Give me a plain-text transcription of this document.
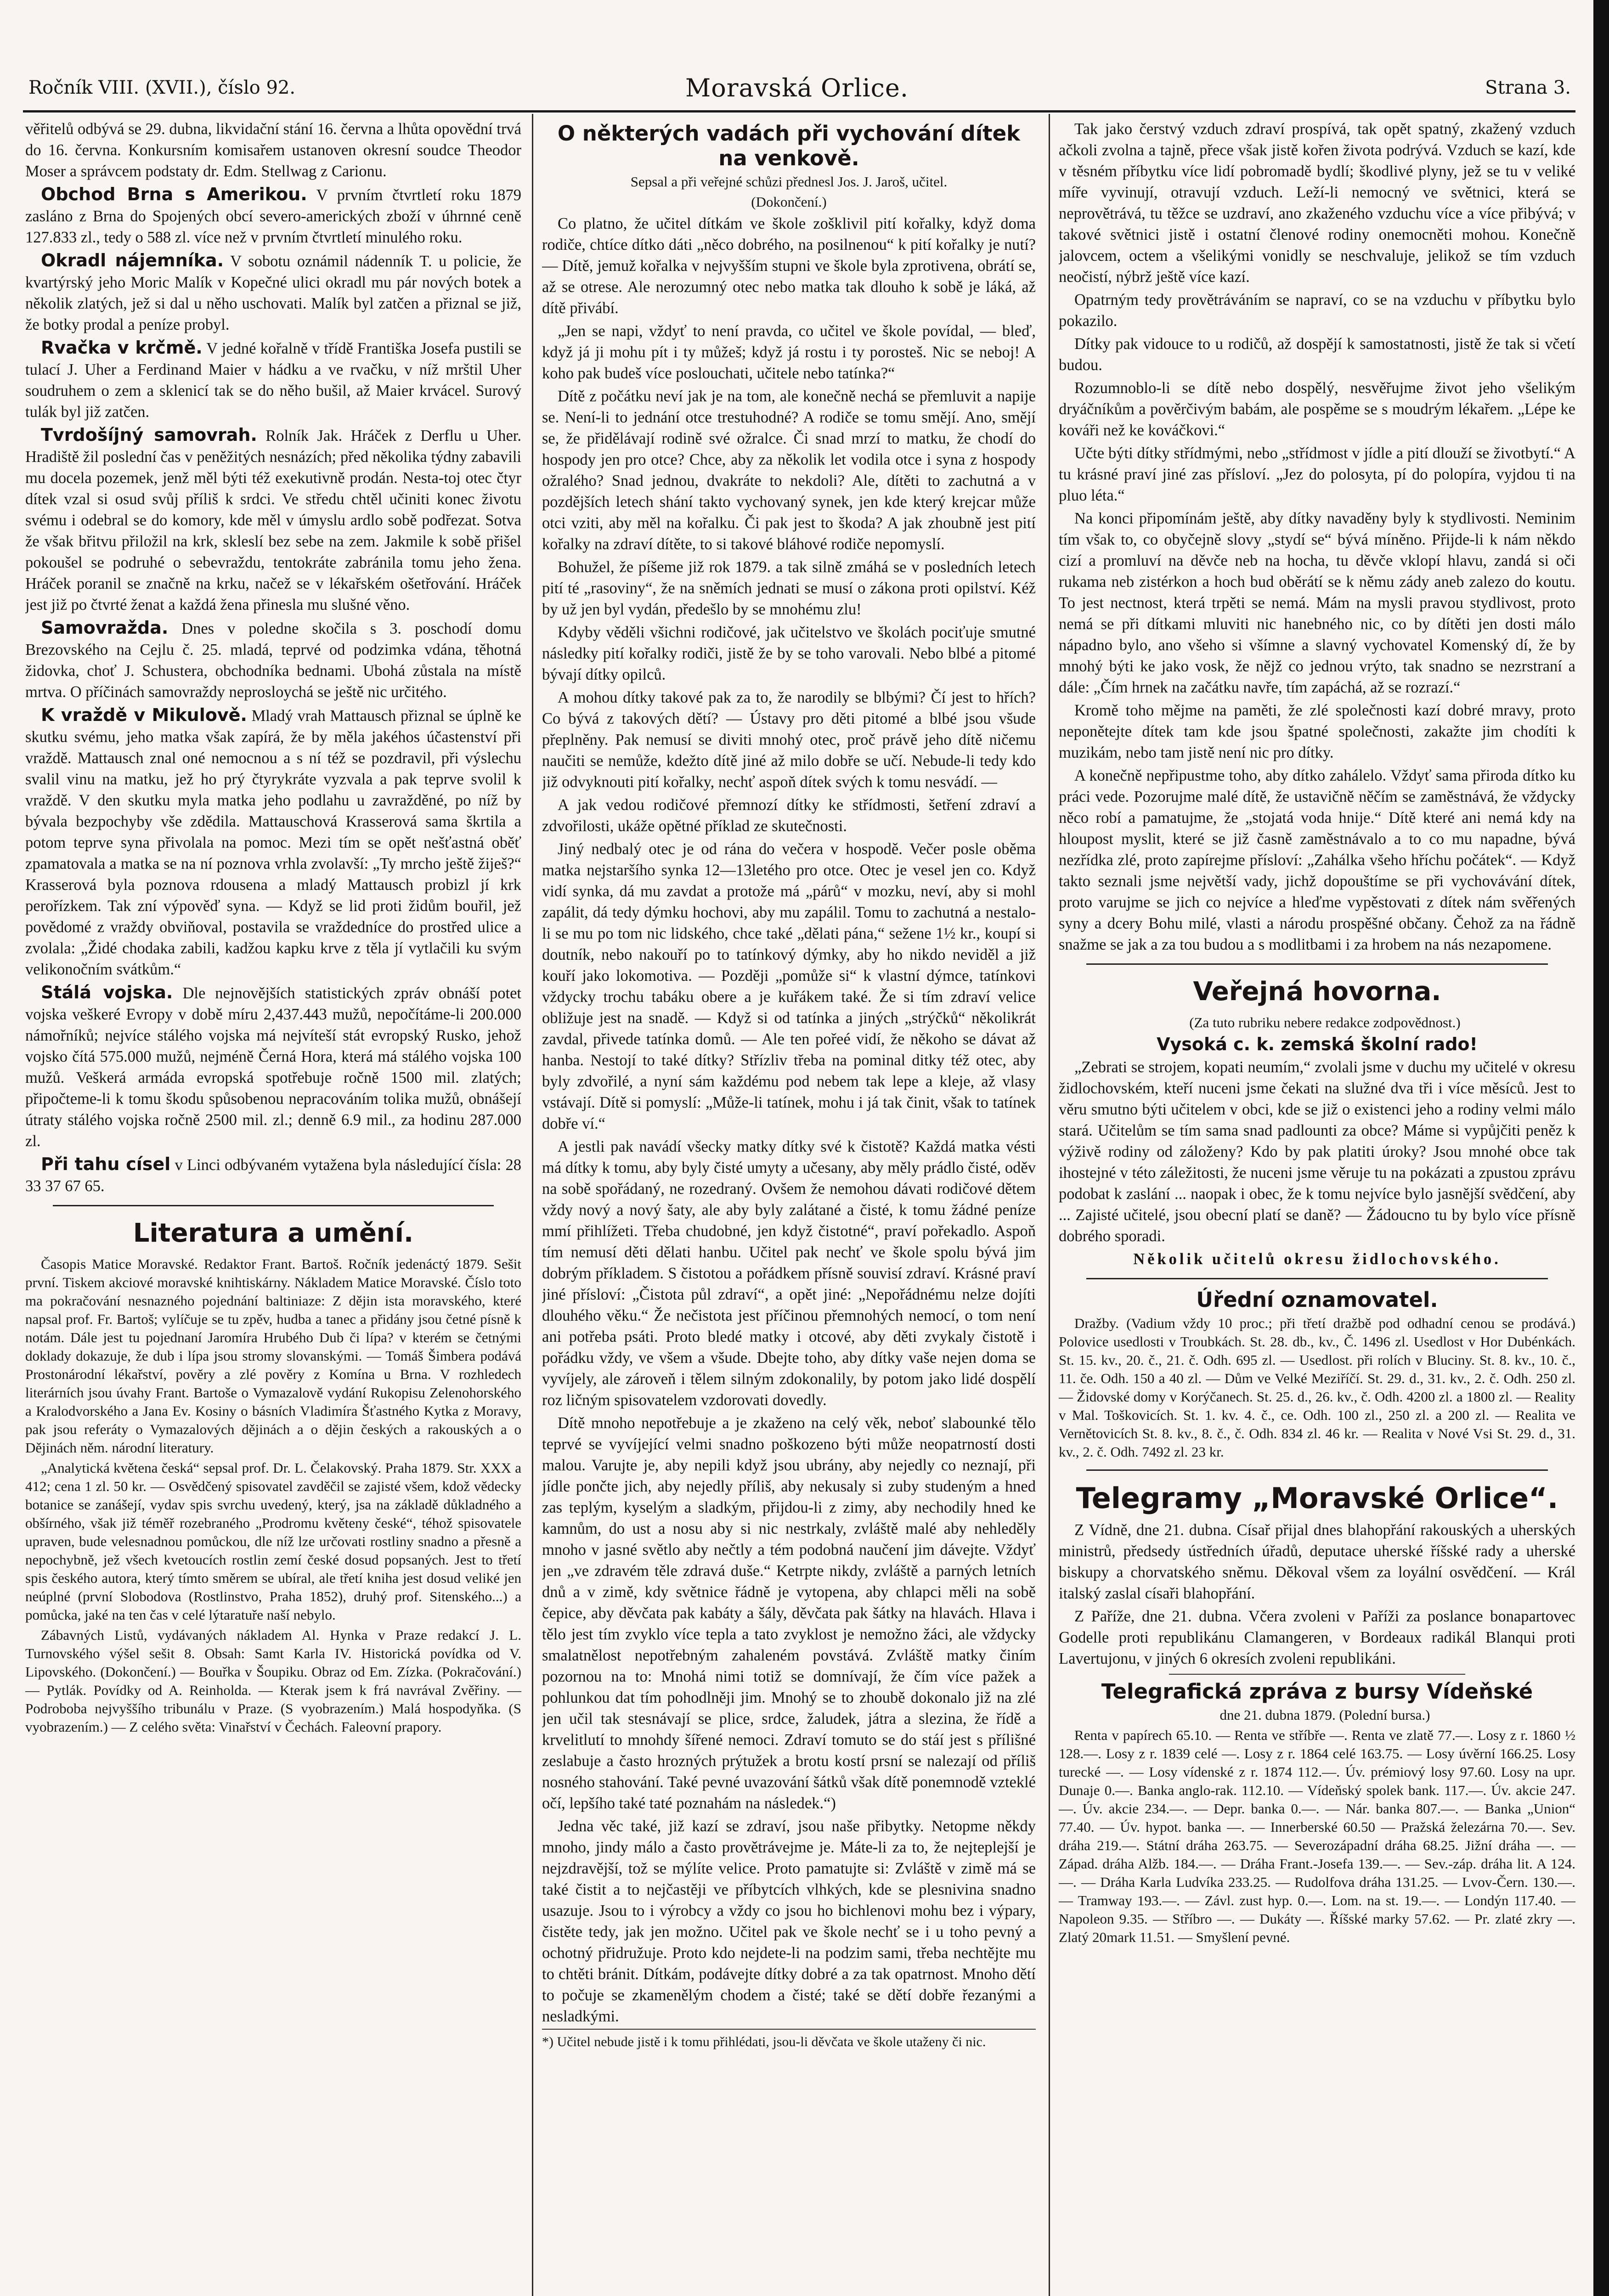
Ročník VIII. (XVII.), číslo 92.	Moravská Orlice.	Strana 3.

věřitelů odbývá se 29. dubna, likvidační stání 16. června a lhůta opovědní trvá do 16. června. Konkursním komisařem ustanoven okresní soudce Theodor Moser a správcem podstaty dr. Edm. Stellwag z Carionu.

Obchod Brna s Amerikou. V prvním čtvrtletí roku 1879 zasláno z Brna do Spojených obcí severo-amerických zboží v úhrnné ceně 127.833 zl., tedy o 588 zl. více než v prvním čtvrtletí minulého roku.

Okradl nájemníka. V sobotu oznámil nádenník T. u policie, že kvartýrský jeho Moric Malík v Kopečné ulici okradl mu pár nových botek a několik zlatých, jež si dal u něho uschovati. Malík byl zatčen a přiznal se již, že botky prodal a peníze probyl.

Rvačka v krčmě. V jedné kořalně v třídě Františka Josefa pustili se tulací J. Uher a Ferdinand Maier v hádku a ve rvačku, v níž mrštil Uher soudruhem o zem a sklenicí tak se do něho bušil, až Maier krvácel. Surový tulák byl již zatčen.

Tvrdošíjný samovrah. Rolník Jak. Hráček z Derflu u Uher. Hradiště žil poslední čas v peněžitých nesnázích; před několika týdny zabavili mu docela pozemek, jenž měl býti též exekutivně prodán. Nesta-toj otec čtyr dítek vzal si osud svůj příliš k srdci. Ve středu chtěl učiniti konec životu svému i odebral se do komory, kde měl v úmyslu ardlo sobě podřezat. Sotva že však břitvu přiložil na krk, skleslí bez sebe na zem. Jakmile k sobě přišel pokoušel se podruhé o sebevraždu, tentokráte zabránila tomu jeho žena. Hráček poranil se značně na krku, načež se v lékařském ošetřování. Hráček jest již po čtvrté ženat a každá žena přinesla mu slušné věno.

Samovražda. Dnes v poledne skočila s 3. poschodí domu Brezovského na Cejlu č. 25. mladá, teprvé od podzimka vdána, těhotná židovka, choť J. Schustera, obchodníka bednami. Ubohá zůstala na místě mrtva. O příčinách samovraždy neprosloychá se ještě nic určitého.

K vraždě v Mikulově. Mladý vrah Mattausch přiznal se úplně ke skutku svému, jeho matka však zapírá, že by měla jakéhos účastenství při vraždě. Mattausch znal oné nemocnou a s ní též se pozdravil, při výslechu svalil vinu na matku, jež ho prý čtyrykráte vyzvala a pak teprve svolil k vraždě. V den skutku myla matka jeho podlahu u zavražděné, po níž by bývala bezpochyby vše zdědila. Mattauschová Krasserová sama škrtila a potom teprve syna přivolala na pomoc. Mezi tím se opět nešťastná oběť zpamatovala a matka se na ní poznova vrhla zvolavší: „Ty mrcho ještě žiješ?“ Krasserová byla poznova rdousena a mladý Mattausch probizl jí krk perořízkem. Tak zní výpověď syna. — Když se lid proti židům bouřil, jež povědomé z vraždy obviňoval, postavila se vraždedníce do prostřed ulice a zvolala: „Židé chodaka zabili, kadžou kapku krve z těla jí vytlačili ku svým velikonočním svátkům.“

Stálá vojska. Dle nejnovějších statistických zpráv obnáší potet vojska veškeré Evropy v době míru 2,437.443 mužů, nepočítáme-li 200.000 námořníků; nejvíce stálého vojska má nejvíteší stát evropský Rusko, jehož vojsko čítá 575.000 mužů, nejméně Černá Hora, která má stálého vojska 100 mužů. Veškerá armáda evropská spotřebuje ročně 1500 mil. zlatých; připočteme-li k tomu škodu spůsobenou nepracováním tolika mužů, obnášejí útraty stálého vojska ročně 2500 mil. zl.; denně 6.9 mil., za hodinu 287.000 zl.

Při tahu císel v Linci odbývaném vytažena byla následující čísla: 28 33 37 67 65.

Literatura a umění.

Časopis Matice Moravské. Redaktor Frant. Bartoš. Ročník jedenáctý 1879. Sešit první. Tiskem akciové moravské knihtiskárny. Nákladem Matice Moravské. Číslo toto ma pokračování nesnazného pojednání baltiniaze: Z dějin ista moravského, které napsal prof. Fr. Bartoš; vylíčuje se tu zpěv, hudba a tanec a přidány jsou četné písně k notám. Dále jest tu pojednaní Jaromíra Hrubého Dub či lípa? v kterém se četnými doklady dokazuje, že dub i lípa jsou stromy slovanskými. — Tomáš Šimbera podává Prostonárodní lékařství, pověry a zlé pověry z Komína u Brna. V rozhledech literárních jsou úvahy Frant. Bartoše o Vymazalově vydání Rukopisu Zelenohorského a Kralodvorského a Jana Ev. Kosiny o básních Vladimíra Šťastného Kytka z Moravy, pak jsou referáty o Vymazalových dějinách a o dějin českých a rakouských a o Dějinách něm. národní literatury.

„Analytická květena česká“ sepsal prof. Dr. L. Čelakovský. Praha 1879. Str. XXX a 412; cena 1 zl. 50 kr. — Osvědčený spisovatel zavděčil se zajisté všem, kdož vědecky botanice se zanášejí, vydav spis svrchu uvedený, který, jsa na základě důkladného a obšírného, však již téměř rozebraného „Prodromu květeny české“, téhož spisovatele upraven, bude velesnadnou pomůckou, dle níž lze určovati rostliny snadno a přesně a nepochybně, jež všech kvetoucích rostlin zemí české dosud popsaných. Jest to třetí spis českého autora, který tímto směrem se ubíral, ale třetí kniha jest dosud veliké jen neúplné (první Slobodova (Rostlinstvo, Praha 1852), druhý prof. Sitenského...) a pomůcka, jaké na ten čas v celé lýtaratuře naší nebylo.

Zábavných Listů, vydávaných nákladem Al. Hynka v Praze redakcí J. L. Turnovského výšel sešit 8. Obsah: Samt Karla IV. Historická povídka od V. Lipovského. (Dokončení.) — Bouřka v Šoupiku. Obraz od Em. Zízka. (Pokračování.) — Pytlák. Povídky od A. Reinholda. — Kterak jsem k frá navrával Zvěřiny. — Podroboba nejvyššího tribunálu v Praze. (S vyobrazením.) Malá hospodyňka. (S vyobrazením.) — Z celého světa: Vinařství v Čechách. Faleovní prapory.

O některých vadách při vychování dítek na venkově.

Sepsal a při veřejné schůzi přednesl Jos. J. Jaroš, učitel.

(Dokončení.)

Co platno, že učitel dítkám ve škole zošklivil pití kořalky, když doma rodiče, chtíce dítko dáti „něco dobrého, na posilnenou“ k pití kořalky je nutí? — Dítě, jemuž kořalka v nejvyšším stupni ve škole byla zprotivena, obrátí se, až se otrese. Ale nerozumný otec nebo matka tak dlouho k sobě je láká, až dítě přivábí.

„Jen se napi, vždyť to není pravda, co učitel ve škole povídal, — bleď, když já ji mohu pít i ty můžeš; když já rostu i ty porosteš. Nic se neboj! A koho pak budeš více poslouchati, učitele nebo tatínka?“

Dítě z počátku neví jak je na tom, ale konečně nechá se přemluvit a napije se. Není-li to jednání otce trestuhodné? A rodiče se tomu smějí. Ano, smějí se, že přidělávají rodině své ožralce. Či snad mrzí to matku, že chodí do hospody jen pro otce? Chce, aby za několik let vodila otce i syna z hospody ožralého? Snad jednou, dvakráte to nekdoli? Ale, dítěti to zachutná a v pozdějších letech shání takto vychovaný synek, jen kde který krejcar může otci vziti, aby měl na kořalku. Či pak jest to škoda? A jak zhoubně jest pití kořalky na zdraví dítěte, to si takové bláhové rodiče nepomyslí.

Bohužel, že píšeme již rok 1879. a tak silně zmáhá se v posledních letech pití té „rasoviny“, že na sněmích jednati se musí o zákona proti opilství. Kéž by už jen byl vydán, předešlo by se mnohému zlu!

Kdyby věděli všichni rodičové, jak učitelstvo ve školách pociťuje smutné následky pití kořalky rodiči, jistě že by se toho varovali. Nebo blbé a pitomé bývají dítky opilců.

A mohou dítky takové pak za to, že narodily se blbými? Čí jest to hřích? Co bývá z takových dětí? — Ústavy pro děti pitomé a blbé jsou všude přeplněny. Pak nemusí se diviti mnohý otec, proč právě jeho dítě ničemu naučiti se nemůže, kdežto dítě jiné až milo dobře se učí. Nebude-li tedy kdo již odvyknouti pití kořalky, nechť aspoň dítek svých k tomu nesvádí. —

A jak vedou rodičové přemnozí dítky ke střídmosti, šetření zdraví a zdvořilosti, ukáže opětné příklad ze skutečnosti.

Jiný nedbalý otec je od rána do večera v hospodě. Večer posle oběma matka nejstaršího synka 12—13letého pro otce. Otec je vesel jen co. Když vidí synka, dá mu zavdat a protože má „párů“ v mozku, neví, aby si mohl zapálit, dá tedy dýmku hochovi, aby mu zapálil. Tomu to zachutná a nestalo-li se mu po tom nic lidského, chce také „dělati pána,“ sežene 1½ kr., koupí si doutník, nebo nakouří po to tatínkový dýmky, aby ho nikdo neviděl a již kouří jako lokomotiva. — Později „pomůže si“ k vlastní dýmce, tatínkovi vždycky trochu tabáku obere a je kuřákem také. Že si tím zdraví velice obližuje jest na snadě. — Když si od tatínka a jiných „strýčků“ několikrát zavdal, přivede tatínka domů. — Ale ten pořeé vidí, že někoho se dávat až hanba. Nestojí to také dítky? Střízliv třeba na pominal ditky též otec, aby byly zdvořilé, a nyní sám každému pod nebem tak lepe a kleje, až vlasy vstávají. Dítě si pomyslí: „Může-li tatínek, mohu i já tak činit, však to tatínek dobře ví.“

A jestli pak navádí všecky matky dítky své k čistotě? Každá matka vésti má dítky k tomu, aby byly čisté umyty a učesany, aby měly prádlo čisté, oděv na sobě spořádaný, ne rozedraný. Ovšem že nemohou dávati rodičové dětem vždy nový a nový šaty, ale aby byly zalátané a čisté, k tomu žádné peníze mmí přihlížeti. Třeba chudobné, jen když čistotné“, praví pořekadlo. Aspoň tím nemusí děti dělati hanbu. Učitel pak nechť ve škole spolu bývá jim dobrým příkladem. S čistotou a pořádkem přísně souvisí zdraví. Krásné praví jiné přísloví: „Čistota půl zdraví“, a opět jiné: „Nepořádnému nelze dojíti dlouhého věku.“ Že nečistota jest příčinou přemnohých nemocí, o tom není ani potřeba psáti. Proto bledé matky i otcové, aby děti zvykaly čistotě i pořádku vždy, ve všem a všude. Dbejte toho, aby dítky vaše nejen doma se vyvíjely, ale zároveň i tělem silným zdokonalily, by potom jako lidé dospělí roz ličným spisovatelem vzdorovati dovedly.

Dítě mnoho nepotřebuje a je zkaženo na celý věk, neboť slabounké tělo teprvé se vyvíjející velmi snadno poškozeno býti může neopatrností dosti malou. Varujte je, aby nepili když jsou ubrány, aby nejedly co neznají, při jídle pončte jich, aby nejedly příliš, aby nekusaly si zuby studeným a hned zas teplým, kyselým a sladkým, přijdou-li z zimy, aby nechodily hned ke kamnům, do ust a nosu aby si nic nestrkaly, zvláště malé aby nehleděly mnoho v jasné světlo aby nečtly a tém podobná naučení jim dávejte. Vždyť jen „ve zdravém těle zdravá duše.“ Ketrpte nikdy, zvláště a parných letních dnů a v zimě, kdy světnice řádně je vytopena, aby chlapci měli na sobě čepice, aby děvčata pak kabáty a šály, děvčata pak šátky na hlavách. Hlava i tělo jest tím zvyklo více tepla a tato zvyklost je nemožno žáci, ale vždycky smalatnělost nepotřebným zahaleném povstává. Zvláště matky činím pozornou na to: Mnohá nimi totiž se domnívají, že čím více pažek a pohlunkou dat tím pohodlněji jim. Mnohý se to zhoubě dokonalo již na zlé jen učil tak stesnávají se plice, srdce, žaludek, játra a slezina, že řídě a krvelitlutí to mnohdy šířené nemoci. Zdraví tomuto se do stáí jest s přílišné zeslabuje a často hrozných prýtužek a brotu kostí prsní se nalezají od příliš nosného stahování. Také pevné uvazování šátků však dítě ponemnodě vzteklé očí, lepšího také taté poznahám na následek.“)

Jedna věc také, již kazí se zdraví, jsou naše přibytky. Netopme někdy mnoho, jindy málo a často provětrávejme je. Máte-li za to, že nejteplejší je nejzdravější, tož se mýlíte velice. Proto pamatujte si: Zvláště v zimě má se také čistit a to nejčastěji ve příbytcích vlhkých, kde se plesnivina snadno usazuje. Jsou to i výrobcy a vždy co jsou ho bichlenovi mohu bez i výpary, čistěte tedy, jak jen možno. Učitel pak ve škole nechť se i u toho pevný a ochotný přidružuje. Proto kdo nejdete-li na podzim sami, třeba nechtějte mu to chtěti bránit. Dítkám, podávejte dítky dobré a za tak opatrnost. Mnoho dětí to počuje se zkamenělým chodem a čisté; také se dětí dobře řezanými a nesladkými.

*) Učitel nebude jistě i k tomu přihlédati, jsou-li děvčata ve škole utaženy či nic.

Tak jako čerstvý vzduch zdraví prospívá, tak opět spatný, zkažený vzduch ačkoli zvolna a tajně, přece však jistě kořen života podrývá. Vzduch se kazí, kde v těsném příbytku více lidí pobromadě bydlí; škodlivé plyny, jež se tu v veliké míře vyvinují, otravují vzduch. Leží-li nemocný ve světnici, která se neprovětrává, tu těžce se uzdraví, ano zkaženého vzduchu více a více přibývá; v takové světnici jistě i ostatní členové rodiny onemocněti mohou. Konečně jalovcem, octem a všelikými vonidly se neschvaluje, jelikož se tím vzduch neočistí, nýbrž ještě více kazí.

Opatrným tedy provětráváním se napraví, co se na vzduchu v příbytku bylo pokazilo.

Dítky pak vidouce to u rodičů, až dospějí k samostatnosti, jistě že tak si včetí budou.

Rozumnoblo-li se dítě nebo dospělý, nesvěřujme život jeho všelikým dryáčníkům a pověrčivým babám, ale pospěme se s moudrým lékařem. „Lépe ke kováři než ke kováčkovi.“

Učte býti dítky střídmými, nebo „střídmost v jídle a pití dlouží se životbytí.“ A tu krásné praví jiné zas přísloví. „Jez do polosyta, pí do polopíra, vyjdou ti na pluo léta.“

Na konci připomínám ještě, aby dítky navaděny byly k stydlivosti. Neminim tím však to, co obyčejně slovy „stydí se“ bývá míněno. Přijde-li k nám někdo cizí a promluví na děvče neb na hocha, tu děvče vklopí hlavu, zandá si oči rukama neb zistérkon a hoch bud oběrátí se k němu zády aneb zalezo do koutu. To jest nectnost, která trpěti se nemá. Mám na mysli pravou stydlivost, proto nemá se při dítkami mluviti nic hanebného nic, co by dítěti jen dosti málo nápadno bylo, ano všeho si všímne a slavný vychovatel Komenský dí, že by mnohý býti ke jako vosk, že nějž co jednou vrýto, tak snadno se nezrstraní a dále: „Čím hrnek na začátku navře, tím zapáchá, až se rozrazí.“

Kromě toho mějme na paměti, že zlé společnosti kazí dobré mravy, proto neponětejte dítek tam kde jsou špatné společnosti, zakažte jim chodíti k muzikám, nebo tam jistě není nic pro dítky.

A konečně nepřipustme toho, aby dítko zahálelo. Vždyť sama přiroda dítko ku práci vede. Pozorujme malé dítě, že ustavičně něčím se zaměstnává, že vždycky něco robí a pamatujme, že „stojatá voda hnije.“ Dítě které ani nemá kdy na hloupost myslit, které se již časně zaměstnávalo a to co mu napadne, bývá nezřídka zlé, proto zapírejme přísloví: „Zahálka všeho hříchu počátek“. — Když takto seznali jsme největší vady, jichž dopouštíme se při vychovávání dítek, proto varujme se jich co nejvíce a hleďme vypěstovati z dítek nám svěřených syny a dcery Bohu milé, vlasti a národu prospěšné občany. Čehož za na řádně snažme se jak a za tou budou a s modlitbami i za hrobem na nás nezapomene.

Veřejná hovorna.

(Za tuto rubriku nebere redakce zodpovědnost.)

Vysoká c. k. zemská školní rado!

„Zebrati se strojem, kopati neumím,“ zvolali jsme v duchu my učitelé v okresu židlochovském, kteří nuceni jsme čekati na služné dva tři i více měsíců. Jest to věru smutno býti učitelem v obci, kde se již o existenci jeho a rodiny velmi málo stará. Učitelům se tím sama snad padlounti za obce? Máme si vypůjčiti peněz k výživě rodiny od záloženy? Kdo by pak platiti úroky? Jsou mnohé obce tak ihostejné v této záležitosti, že nuceni jsme věruje tu na pokázati a zpustou zprávu podobat k zaslání ... naopak i obec, že k tomu nejvíce bylo jasnější svědčení, aby ... Zajisté učitelé, jsou obecní platí se daně? — Žádoucno tu by bylo více přísně dobrého sporadi.

Několik učitelů okresu židlochovského.

Úřední oznamovatel.

Dražby. (Vadium vždy 10 proc.; při třetí dražbě pod odhadní cenou se prodává.) Polovice usedlosti v Troubkách. St. 28. db., kv., Č. 1496 zl. Usedlost v Hor Dubénkách. St. 15. kv., 20. č., 21. č. Odh. 695 zl. — Usedlost. při rolích v Bluciny. St. 8. kv., 10. č., 11. če. Odh. 150 a 40 zl. — Dům ve Velké Meziříčí. St. 29. d., 31. kv., 2. č. Odh. 250 zl. — Židovské domy v Korýčanech. St. 25. d., 26. kv., č. Odh. 4200 zl. a 1800 zl. — Reality v Mal. Toškovicích. St. 1. kv. 4. č., ce. Odh. 100 zl., 250 zl. a 200 zl. — Realita ve Vernětovicích St. 8. kv., 8. č., č. Odh. 834 zl. 46 kr. — Realita v Nové Vsi St. 29. d., 31. kv., 2. č. Odh. 7492 zl. 23 kr.

Telegramy „Moravské Orlice“.

Z Vídně, dne 21. dubna. Císař přijal dnes blahopřání rakouských a uherských ministrů, předsedy ústředních úřadů, deputace uherské říšské rady a uherské biskupy a chorvatského sněmu. Děkoval všem za loyální osvědčení. — Král italský zaslal císaři blahopřání.

Z Paříže, dne 21. dubna. Včera zvoleni v Paříži za poslance bonapartovec Godelle proti republikánu Clamangeren, v Bordeaux radikál Blanqui proti Lavertujonu, v jiných 6 okresích zvoleni republikáni.

Telegrafická zpráva z bursy Vídeňské

dne 21. dubna 1879. (Polední bursa.)

Renta v papírech 65.10. — Renta ve stříbře —. Renta ve zlatě 77.—. Losy z r. 1860 ½ 128.—. Losy z r. 1839 celé —. Losy z r. 1864 celé 163.75. — Losy úvěrní 166.25. Losy turecké —. — Losy vídenské z r. 1874 112.—. Úv. prémiový losy 97.60. Losy na upr. Dunaje 0.—. Banka anglo-rak. 112.10. — Vídeňský spolek bank. 117.—. Úv. akcie 247.—. Úv. akcie 234.—. — Depr. banka 0.—. — Nár. banka 807.—. — Banka „Union“ 77.40. — Úv. hypot. banka —. — Innerberské 60.50 — Pražská železárna 70.—. Sev. dráha 219.—. Státní dráha 263.75. — Severozápadní dráha 68.25. Jižní dráha —. — Západ. dráha Alžb. 184.—. — Dráha Frant.-Josefa 139.—. — Sev.-záp. dráha lit. A 124.—. — Dráha Karla Ludvíka 233.25. — Rudolfova dráha 131.25. — Lvov-Čern. 130.—. — Tramway 193.—. — Závl. zust hyp. 0.—. Lom. na st. 19.—. — Londýn 117.40. — Napoleon 9.35. — Stříbro —. — Dukáty —. Říšské marky 57.62. — Pr. zlaté zkry —. Zlatý 20mark 11.51. — Smyšlení pevné.
